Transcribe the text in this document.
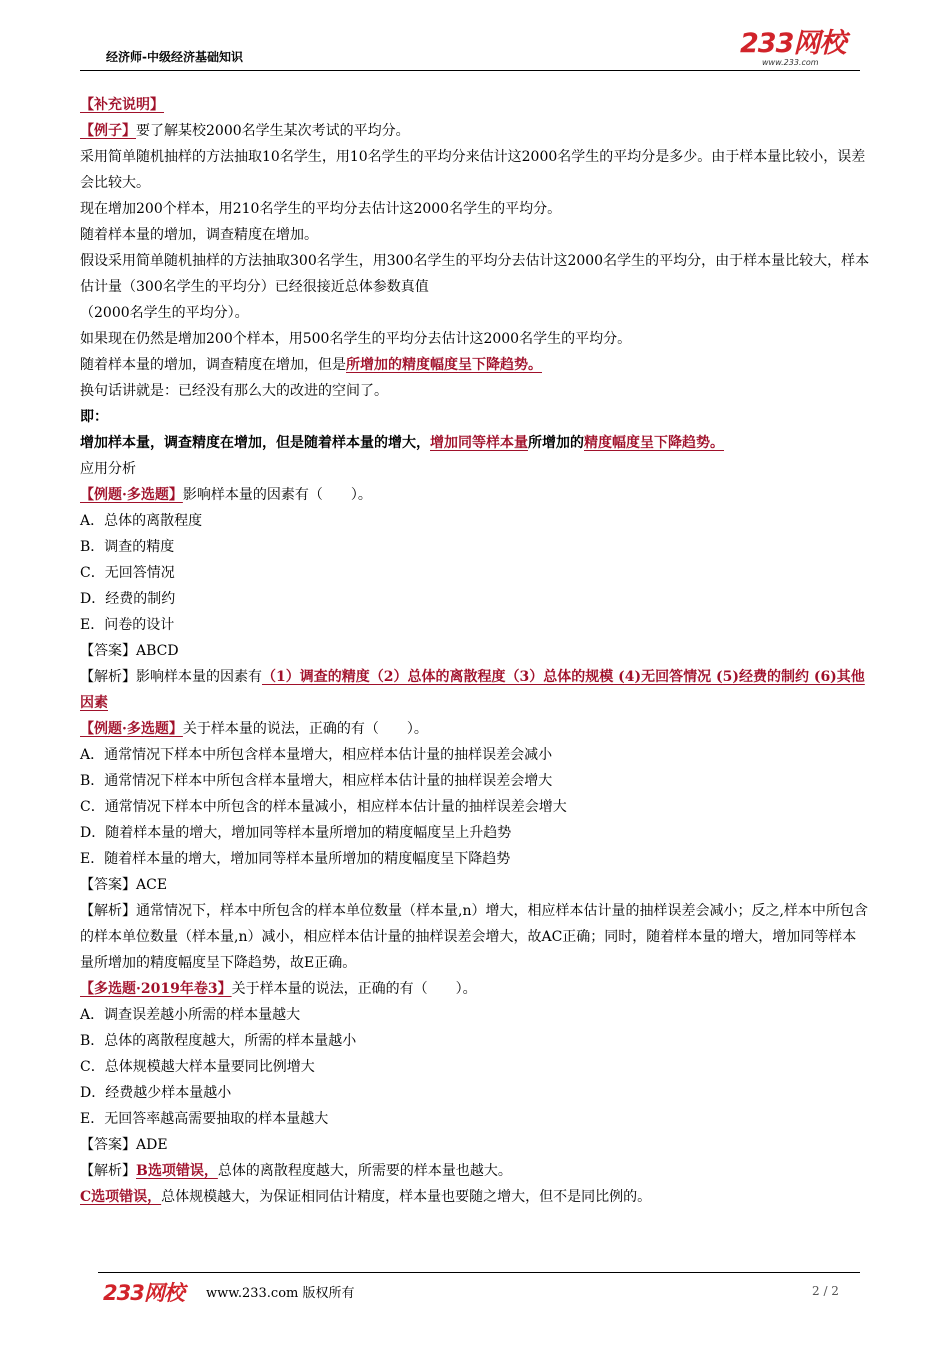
经济师-中级经济基础知识	233网校
www.233.com
【补充说明】
【例子】要了解某校2000名学生某次考试的平均分。
采用简单随机抽样的方法抽取10名学生，用10名学生的平均分来估计这2000名学生的平均分是多少。由于样本量比较小，误差会比较大。
现在增加200个样本，用210名学生的平均分去估计这2000名学生的平均分。
随着样本量的增加，调查精度在增加。
假设采用简单随机抽样的方法抽取300名学生，用300名学生的平均分去估计这2000名学生的平均分，由于样本量比较大，样本估计量（300名学生的平均分）已经很接近总体参数真值
（2000名学生的平均分）。
如果现在仍然是增加200个样本，用500名学生的平均分去估计这2000名学生的平均分。
随着样本量的增加，调查精度在增加，但是所增加的精度幅度呈下降趋势。
换句话讲就是：已经没有那么大的改进的空间了。
即：
增加样本量，调查精度在增加，但是随着样本量的增大，增加同等样本量所增加的精度幅度呈下降趋势。
应用分析
【例题·多选题】影响样本量的因素有（　　）。
A．总体的离散程度
B．调查的精度
C．无回答情况
D．经费的制约
E．问卷的设计
【答案】ABCD
【解析】影响样本量的因素有（1）调查的精度（2）总体的离散程度（3）总体的规模 (4)无回答情况 (5)经费的制约 (6)其他因素
【例题·多选题】关于样本量的说法，正确的有（　　）。
A．通常情况下样本中所包含样本量增大，相应样本估计量的抽样误差会减小
B．通常情况下样本中所包含样本量增大，相应样本估计量的抽样误差会增大
C．通常情况下样本中所包含的样本量减小，相应样本估计量的抽样误差会增大
D．随着样本量的增大，增加同等样本量所增加的精度幅度呈上升趋势
E．随着样本量的增大，增加同等样本量所增加的精度幅度呈下降趋势
【答案】ACE
【解析】通常情况下，样本中所包含的样本单位数量（样本量,n）增大，相应样本估计量的抽样误差会减小；反之,样本中所包含的样本单位数量（样本量,n）减小，相应样本估计量的抽样误差会增大，故AC正确；同时，随着样本量的增大，增加同等样本量所增加的精度幅度呈下降趋势，故E正确。
【多选题·2019年卷3】关于样本量的说法，正确的有（　　）。
A．调查误差越小所需的样本量越大
B．总体的离散程度越大，所需的样本量越小
C．总体规模越大样本量要同比例增大
D．经费越少样本量越小
E．无回答率越高需要抽取的样本量越大
【答案】ADE
【解析】B选项错误，总体的离散程度越大，所需要的样本量也越大。
C选项错误，总体规模越大，为保证相同估计精度，样本量也要随之增大，但不是同比例的。
233网校 www.233.com 版权所有	2 / 2
